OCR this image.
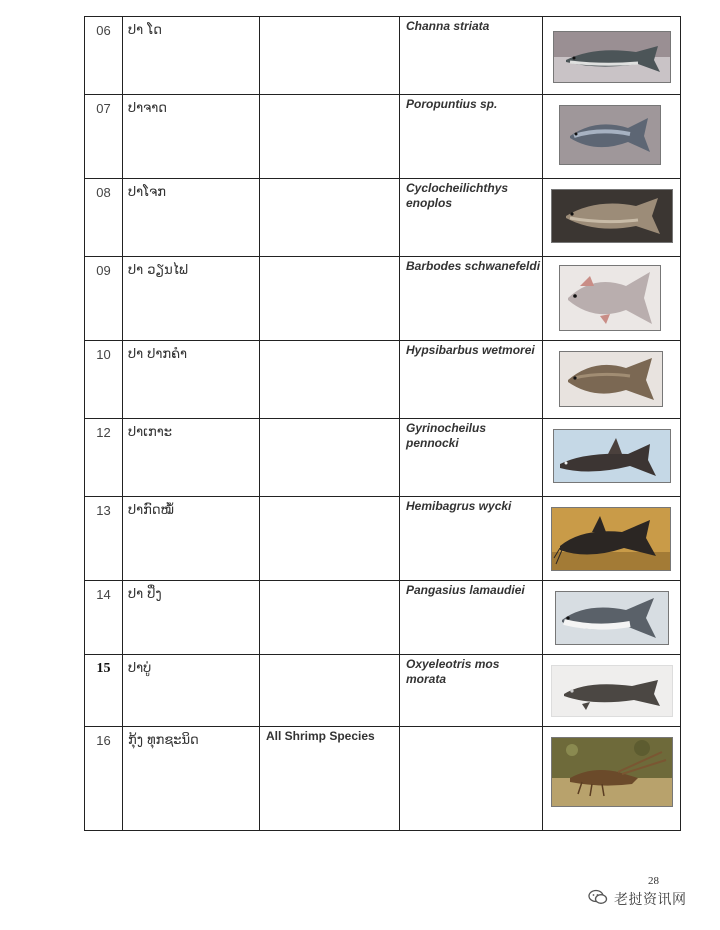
06	ປາ ໂດ		Channa striata	

07	ປາຈາດ		Poropuntius sp.	

08	ປາໂຈກ		Cyclocheilichthys enoplos	

09	ປາ ວຽນໄຟ		Barbodes schwanefeldi	

10	ປາ ປາກຄຳ		Hypsibarbus wetmorei	

12	ປາເກາະ		Gyrinocheilus pennocki	

13	ປາກົດໝໍ້		Hemibagrus wycki	

14	ປາ ປຶ່ງ		Pangasius lamaudiei	

15	ປາບູ່		Oxyeleotris mos morata	

16	ກຸ້ງ ທຸກຊະນິດ	All Shrimp Species		
28
老挝资讯网
